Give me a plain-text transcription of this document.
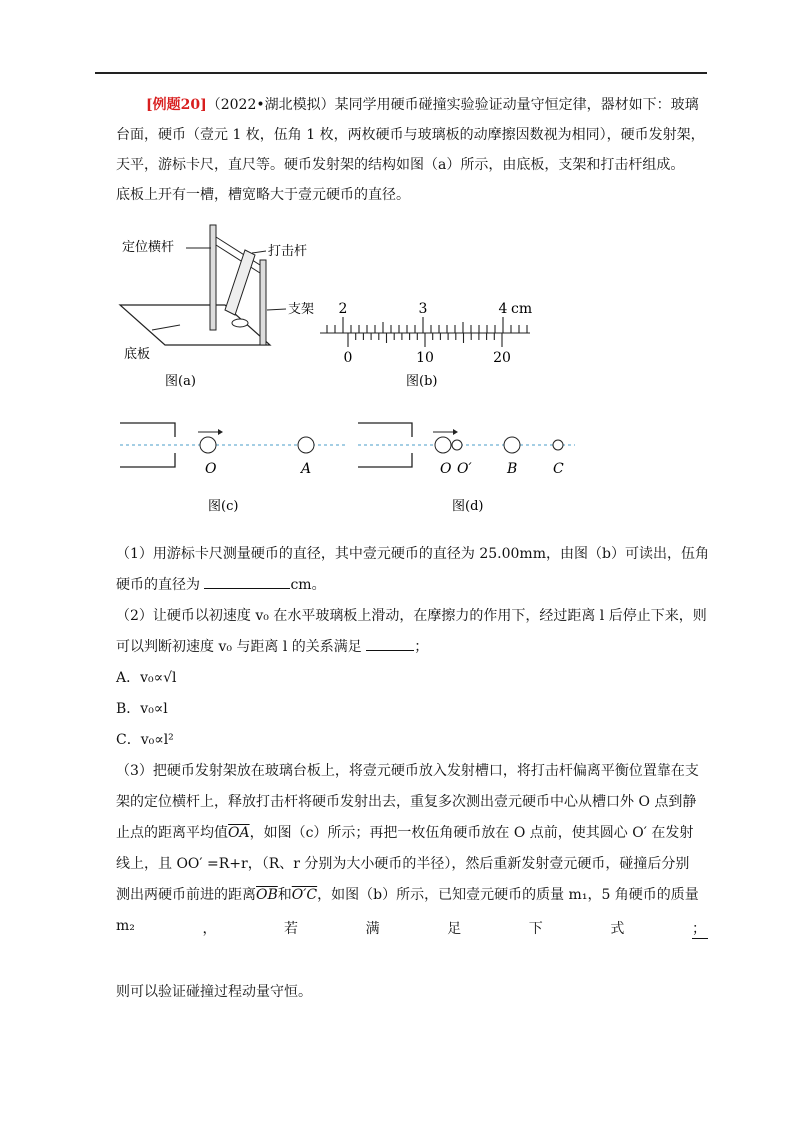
[例题20]（2022•湖北模拟）某同学用硬币碰撞实验验证动量守恒定律，器材如下：玻璃
台面，硬币（壹元 1 枚，伍角 1 枚，两枚硬币与玻璃板的动摩擦因数视为相同），硬币发射架，
天平，游标卡尺，直尺等。硬币发射架的结构如图（a）所示，由底板，支架和打击杆组成。
底板上开有一槽，槽宽略大于壹元硬币的直径。
定位横杆	打击杆
支架
底板
图(a)
2	3	4 cm
0	10	20
图(b)
O	A
图(c)
O O′	B	C
图(d)
（1）用游标卡尺测量硬币的直径，其中壹元硬币的直径为 25.00mm，由图（b）可读出，伍角
硬币的直径为	cm。
（2）让硬币以初速度 v₀ 在水平玻璃板上滑动，在摩擦力的作用下，经过距离 l 后停止下来，则
可以判断初速度 v₀ 与距离 l 的关系满足	；
A．v₀∝√l
B．v₀∝l
C．v₀∝l²
（3）把硬币发射架放在玻璃台板上，将壹元硬币放入发射槽口，将打击杆偏离平衡位置靠在支
架的定位横杆上，释放打击杆将硬币发射出去，重复多次测出壹元硬币中心从槽口外 O 点到静
止点的距离平均值$\overline{OA}$，如图（c）所示；再把一枚伍角硬币放在 O 点前，使其圆心 O′ 在发射
线上，且 OO′ =R+r，（R、r 分别为大小硬币的半径），然后重新发射壹元硬币，碰撞后分别
测出两硬币前进的距离$\overline{OB}$和O′C，如图（b）所示，已知壹元硬币的质量 m₁，5 角硬币的质量
m₂	，	若	满	足	下	式	；
则可以验证碰撞过程动量守恒。
